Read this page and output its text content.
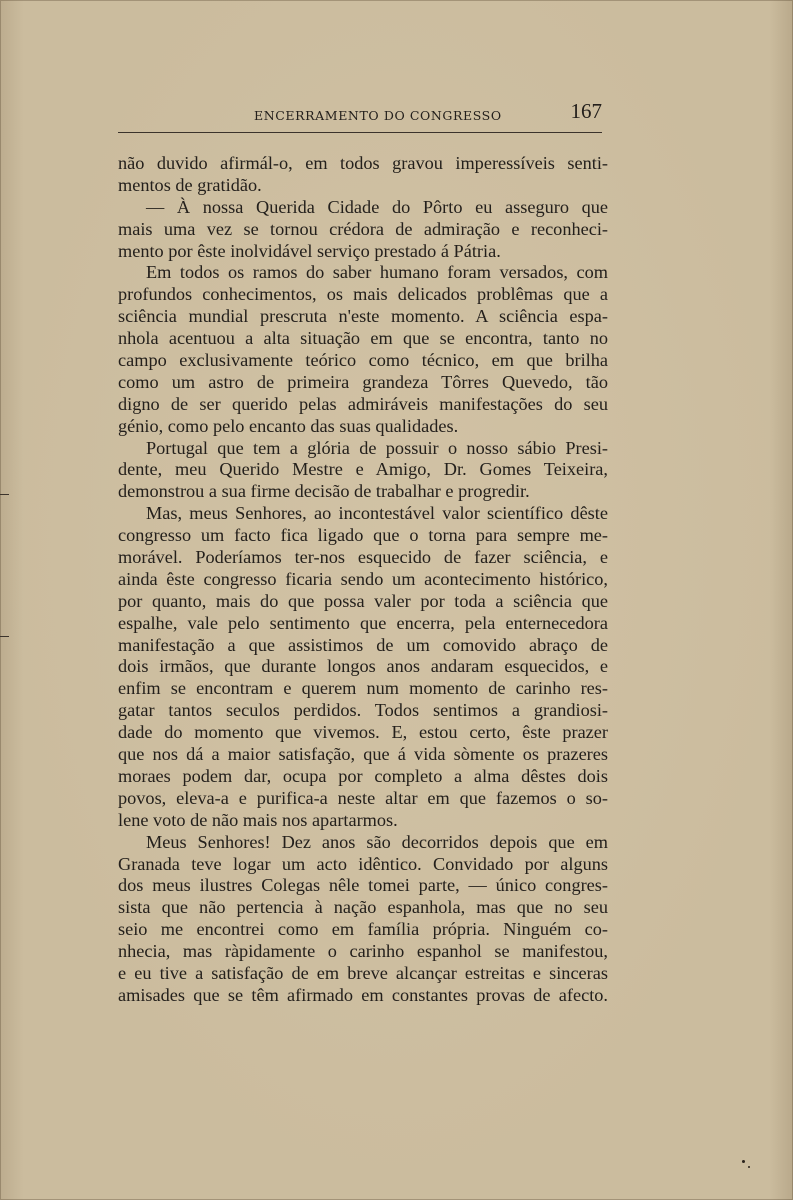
ENCERRAMENTO DO CONGRESSO	167
não duvido afirmál-o, em todos gravou imperessíveis senti-
mentos de gratidão.
— À nossa Querida Cidade do Pôrto eu asseguro que
mais uma vez se tornou crédora de admiração e reconheci-
mento por êste inolvidável serviço prestado á Pátria.
Em todos os ramos do saber humano foram versados, com
profundos conhecimentos, os mais delicados problêmas que a
sciência mundial prescruta n'este momento. A sciência espa-
nhola acentuou a alta situação em que se encontra, tanto no
campo exclusivamente teórico como técnico, em que brilha
como um astro de primeira grandeza Tôrres Quevedo, tão
digno de ser querido pelas admiráveis manifestações do seu
génio, como pelo encanto das suas qualidades.
Portugal que tem a glória de possuir o nosso sábio Presi-
dente, meu Querido Mestre e Amigo, Dr. Gomes Teixeira,
demonstrou a sua firme decisão de trabalhar e progredir.
Mas, meus Senhores, ao incontestável valor scientífico dêste
congresso um facto fica ligado que o torna para sempre me-
morável. Poderíamos ter-nos esquecido de fazer sciência, e
ainda êste congresso ficaria sendo um acontecimento histórico,
por quanto, mais do que possa valer por toda a sciência que
espalhe, vale pelo sentimento que encerra, pela enternecedora
manifestação a que assistimos de um comovido abraço de
dois irmãos, que durante longos anos andaram esquecidos, e
enfim se encontram e querem num momento de carinho res-
gatar tantos seculos perdidos. Todos sentimos a grandiosi-
dade do momento que vivemos. E, estou certo, êste prazer
que nos dá a maior satisfação, que á vida sòmente os prazeres
moraes podem dar, ocupa por completo a alma dêstes dois
povos, eleva-a e purifica-a neste altar em que fazemos o so-
lene voto de não mais nos apartarmos.
Meus Senhores! Dez anos são decorridos depois que em
Granada teve logar um acto idêntico. Convidado por alguns
dos meus ilustres Colegas nêle tomei parte, — único congres-
sista que não pertencia à nação espanhola, mas que no seu
seio me encontrei como em família própria. Ninguém co-
nhecia, mas ràpidamente o carinho espanhol se manifestou,
e eu tive a satisfação de em breve alcançar estreitas e sinceras
amisades que se têm afirmado em constantes provas de afecto.
